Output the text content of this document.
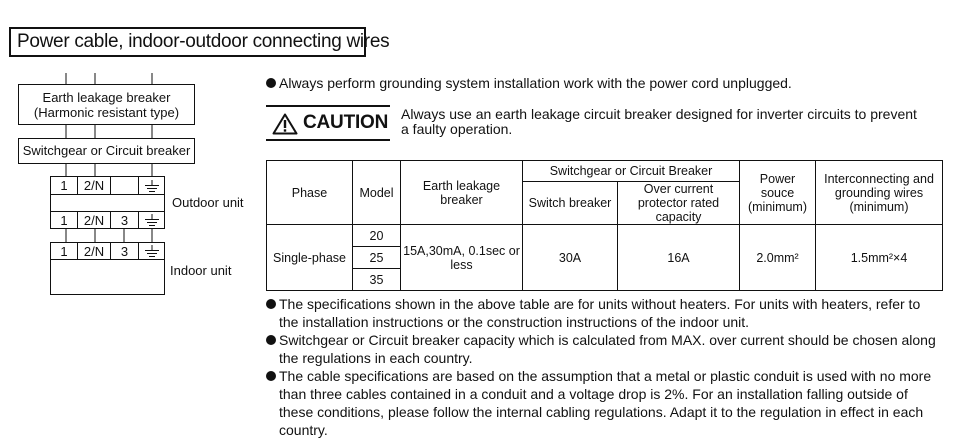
Power cable, indoor-outdoor connecting wires
Earth leakage breaker
(Harmonic resistant type)
Switchgear or Circuit breaker
1	2/N
1	2/N	3
1	2/N	3
Outdoor unit
Indoor unit
Always perform grounding system installation work with the power cord unplugged.
CAUTION Always use an earth leakage circuit breaker designed for inverter circuits to prevent a faulty operation.
Phase	Model	Earth leakage breaker	Switchgear or Circuit Breaker		Power souce (minimum)	Interconnecting and grounding wires (minimum)
			Switch breaker	Over current protector rated capacity		
Single-phase	20	15A,30mA, 0.1sec or less	30A	16A	2.0mm²	1.5mm²×4
	25					
	35					

The specifications shown in the above table are for units without heaters. For units with heaters, refer to the installation instructions or the construction instructions of the indoor unit.

Switchgear or Circuit breaker capacity which is calculated from MAX. over current should be chosen along the regulations in each country.

The cable specifications are based on the assumption that a metal or plastic conduit is used with no more than three cables contained in a conduit and a voltage drop is 2%. For an installation falling outside of these conditions, please follow the internal cabling regulations. Adapt it to the regulation in effect in each country.
